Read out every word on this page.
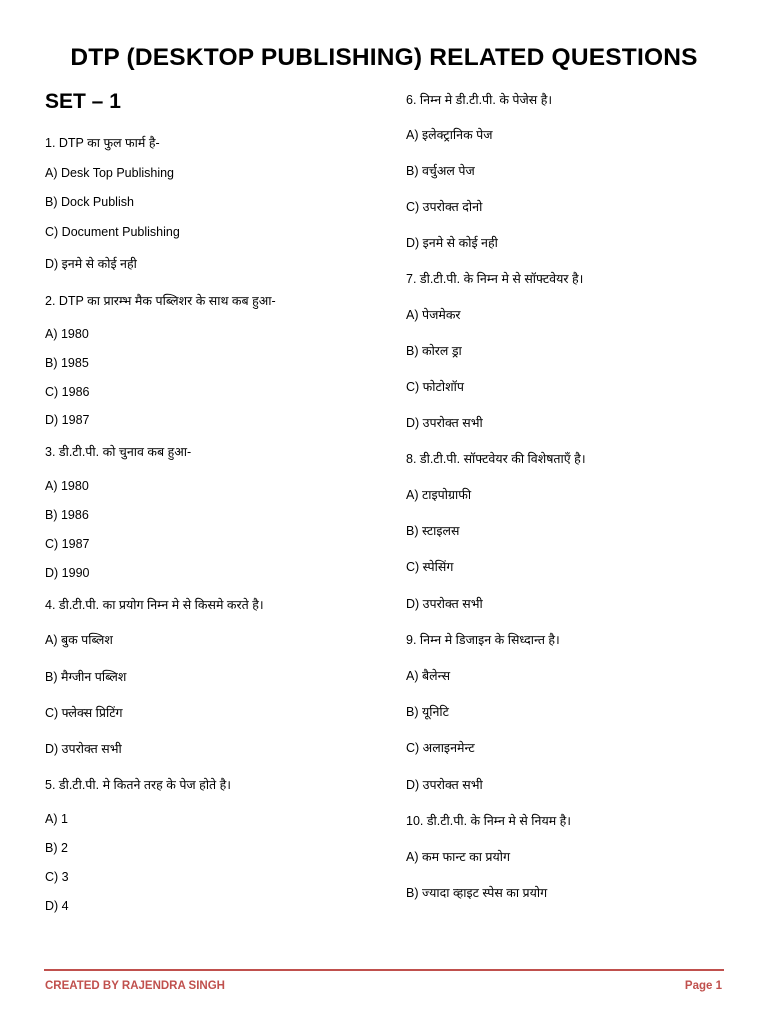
DTP (DESKTOP PUBLISHING) RELATED QUESTIONS
SET – 1
1. DTP का फुल फार्म है-
A) Desk Top Publishing
B) Dock Publish
C) Document Publishing
D) इनमे से कोई नही
2. DTP का प्रारम्भ मैक पब्लिशर के साथ कब हुआ-
A) 1980
B) 1985
C) 1986
D) 1987
3. डी.टी.पी. को चुनाव कब हुआ-
A) 1980
B) 1986
C) 1987
D) 1990
4. डी.टी.पी. का प्रयोग निम्न मे से किसमे करते है।
A) बुक पब्लिश
B) मैग्जीन पब्लिश
C) फ्लेक्स प्रिटिंग
D) उपरोक्त सभी
5. डी.टी.पी. मे कितने तरह के पेज होते है।
A) 1
B) 2
C) 3
D) 4
6. निम्न मे डी.टी.पी. के पेजेस है।
A) इलेक्ट्रानिक पेज
B) वर्चुअल पेज
C) उपरोक्त दोनो
D) इनमे से कोई नही
7. डी.टी.पी. के निम्न मे से सॉफ्टवेयर है।
A) पेजमेकर
B) कोरल ड्रा
C) फोटोशॉप
D) उपरोक्त सभी
8. डी.टी.पी. सॉफ्टवेयर की विशेषताऍं है।
A) टाइपोग्राफी
B) स्टाइलस
C) स्पेसिंग
D) उपरोक्त सभी
9. निम्न मे डिजाइन के सिध्दान्त है।
A) बैलेन्स
B) यूनिटि
C) अलाइनमेन्ट
D) उपरोक्त सभी
10. डी.टी.पी. के निम्न मे से नियम है।
A) कम फान्ट का प्रयोग
B) ज्यादा व्हाइट स्पेस का प्रयोग
CREATED BY RAJENDRA SINGH	Page 1
